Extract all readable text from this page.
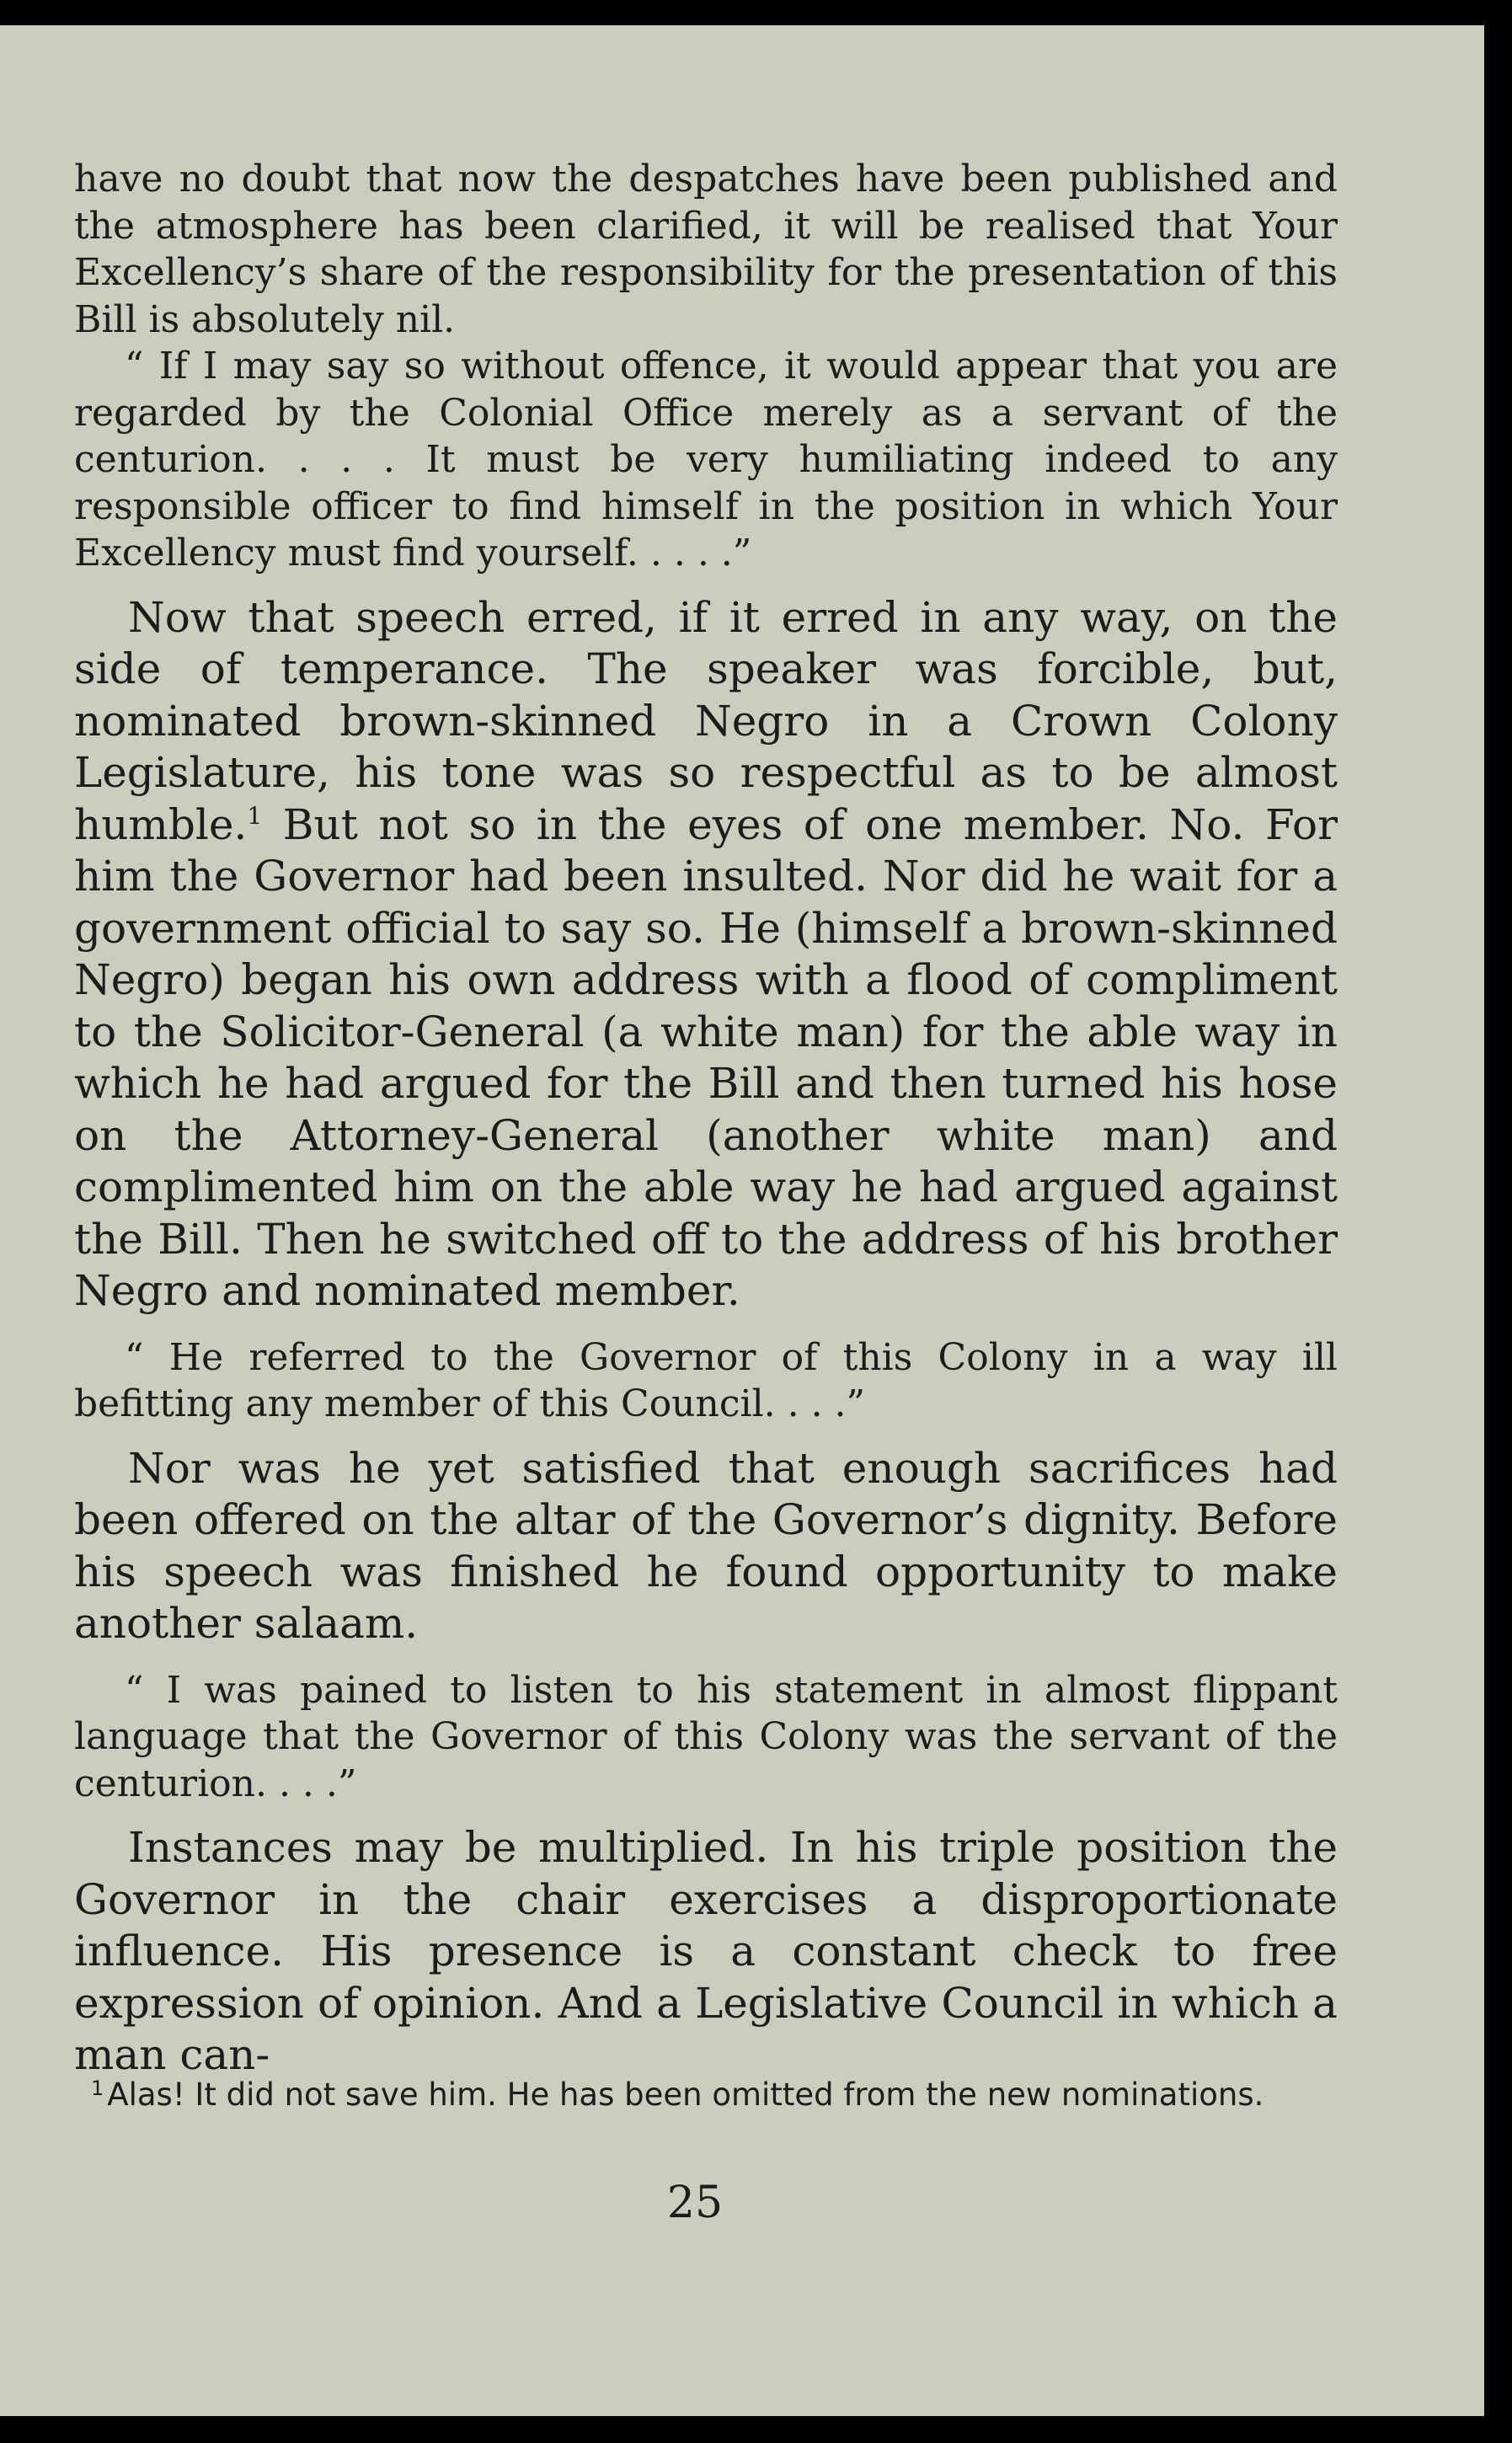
have no doubt that now the despatches have been published and the atmosphere has been clarified, it will be realised that Your Excellency’s share of the responsibility for the presentation of this Bill is absolutely nil.

“ If I may say so without offence, it would appear that you are regarded by the Colonial Office merely as a servant of the centurion. . . . It must be very humiliating indeed to any responsible officer to find himself in the position in which Your Excellency must find yourself. . . . .”

Now that speech erred, if it erred in any way, on the side of temperance. The speaker was forcible, but, nominated brown-skinned Negro in a Crown Colony Legislature, his tone was so respectful as to be almost humble.$^1$ But not so in the eyes of one member. No. For him the Governor had been insulted. Nor did he wait for a government official to say so. He (himself a brown-skinned Negro) began his own address with a flood of compliment to the Solicitor-General (a white man) for the able way in which he had argued for the Bill and then turned his hose on the Attorney-General (another white man) and complimented him on the able way he had argued against the Bill. Then he switched off to the address of his brother Negro and nominated member.

“ He referred to the Governor of this Colony in a way ill befitting any member of this Council. . . .”

Nor was he yet satisfied that enough sacrifices had been offered on the altar of the Governor’s dignity. Before his speech was finished he found opportunity to make another salaam.

“ I was pained to listen to his statement in almost flippant language that the Governor of this Colony was the servant of the centurion. . . .”

Instances may be multiplied. In his triple position the Governor in the chair exercises a disproportionate influence. His presence is a constant check to free expression of opinion. And a Legislative Council in which a man can-

$^1$ Alas! It did not save him. He has been omitted from the new nominations.

25
